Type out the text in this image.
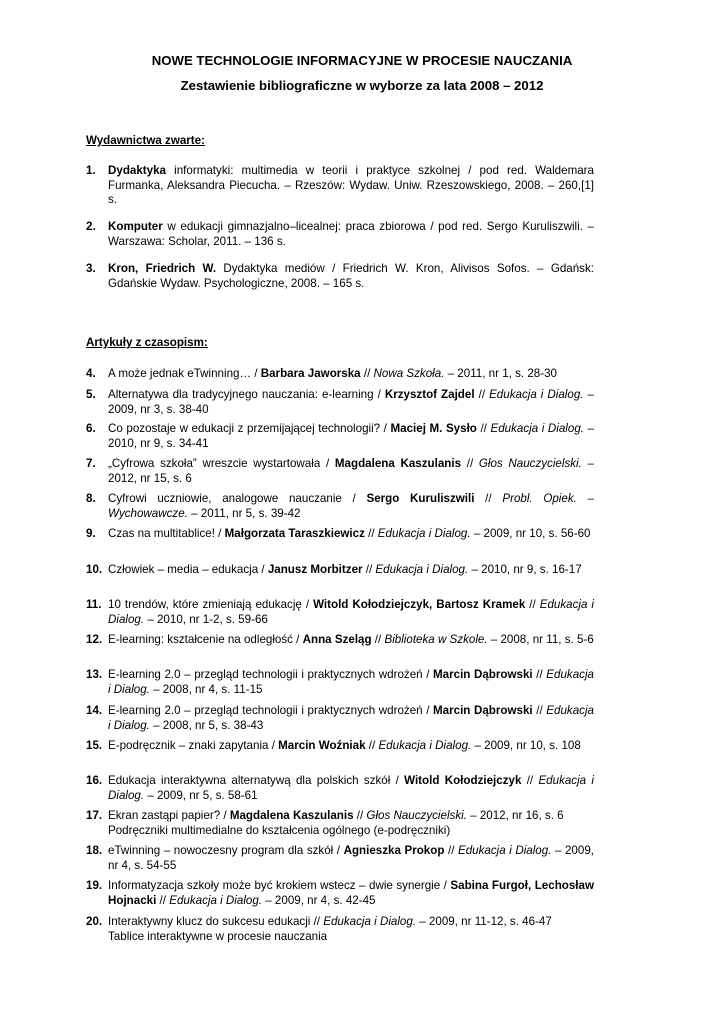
NOWE TECHNOLOGIE INFORMACYJNE W PROCESIE NAUCZANIA
Zestawienie bibliograficzne w wyborze za lata 2008 – 2012
Wydawnictwa zwarte:
1.	Dydaktyka informatyki: multimedia w teorii i praktyce szkolnej / pod red. Waldemara Furmanka, Aleksandra Piecucha. – Rzeszów: Wydaw. Uniw. Rzeszowskiego, 2008. – 260,[1] s.
2.	Komputer w edukacji gimnazjalno–licealnej: praca zbiorowa / pod red. Sergo Kuruliszwili. – Warszawa: Scholar, 2011. – 136 s.
3.	Kron, Friedrich W. Dydaktyka mediów / Friedrich W. Kron, Alivisos Sofos. – Gdańsk: Gdańskie Wydaw. Psychologiczne, 2008. – 165 s.
Artykuły z czasopism:
4.	A może jednak eTwinning… / Barbara Jaworska // Nowa Szkoła. – 2011, nr 1, s. 28-30
5.	Alternatywa dla tradycyjnego nauczania: e-learning / Krzysztof Zajdel // Edukacja i Dialog. – 2009, nr 3, s. 38-40
6.	Co pozostaje w edukacji z przemijającej technologii? / Maciej M. Sysło // Edukacja i Dialog. – 2010, nr 9, s. 34-41
7.	„Cyfrowa szkoła” wreszcie wystartowała / Magdalena Kaszulanis // Głos Nauczycielski. – 2012, nr 15, s. 6
8.	Cyfrowi uczniowie, analogowe nauczanie / Sergo Kuruliszwili // Probl. Opiek. – Wychowawcze. – 2011, nr 5, s. 39-42
9.	Czas na multitablice! / Małgorzata Taraszkiewicz // Edukacja i Dialog. – 2009, nr 10, s. 56-60
10. Człowiek – media – edukacja / Janusz Morbitzer // Edukacja i Dialog. – 2010, nr 9, s. 16-17
11. 10 trendów, które zmieniają edukację / Witold Kołodziejczyk, Bartosz Kramek // Edukacja i Dialog. – 2010, nr 1-2, s. 59-66
12. E-learning: kształcenie na odległość / Anna Szeląg // Biblioteka w Szkole. – 2008, nr 11, s. 5-6
13. E-learning 2.0 – przegląd technologii i praktycznych wdrożeń / Marcin Dąbrowski // Edukacja i Dialog. – 2008, nr 4, s. 11-15
14. E-learning 2.0 – przegląd technologii i praktycznych wdrożeń / Marcin Dąbrowski // Edukacja i Dialog. – 2008, nr 5, s. 38-43
15. E-podręcznik – znaki zapytania / Marcin Woźniak // Edukacja i Dialog. – 2009, nr 10, s. 108
16. Edukacja interaktywna alternatywą dla polskich szkół / Witold Kołodziejczyk // Edukacja i Dialog. – 2009, nr 5, s. 58-61
17. Ekran zastąpi papier? / Magdalena Kaszulanis // Głos Nauczycielski. – 2012, nr 16, s. 6
Podręczniki multimedialne do kształcenia ogólnego (e-podręczniki)
18. eTwinning – nowoczesny program dla szkół / Agnieszka Prokop // Edukacja i Dialog. – 2009, nr 4, s. 54-55
19. Informatyzacja szkoły może być krokiem wstecz – dwie synergie / Sabina Furgoł, Lechosław Hojnacki // Edukacja i Dialog. – 2009, nr 4, s. 42-45
20. Interaktywny klucz do sukcesu edukacji // Edukacja i Dialog. – 2009, nr 11-12, s. 46-47
Tablice interaktywne w procesie nauczania
